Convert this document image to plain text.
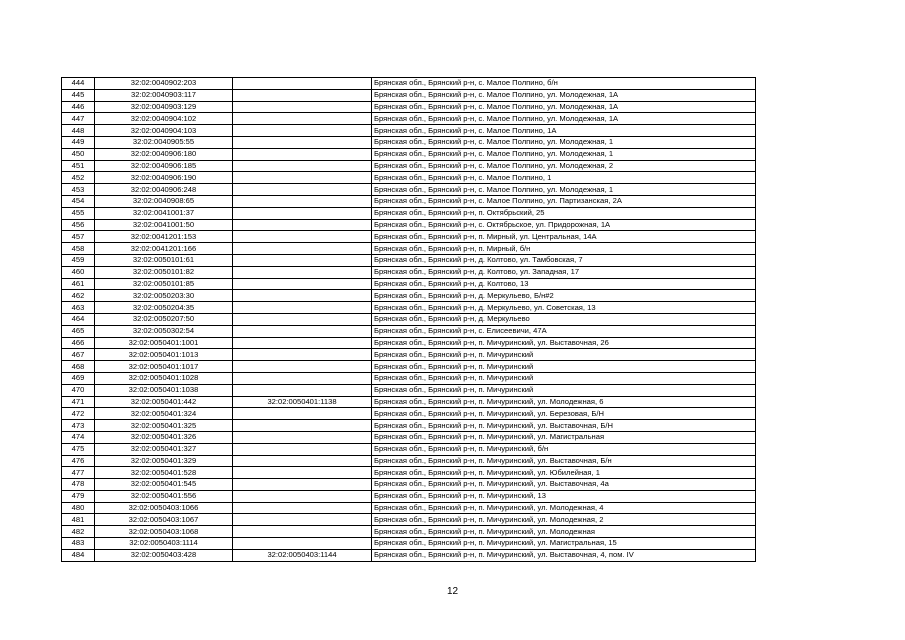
444	32:02:0040902:203		Брянская обл., Брянский р-н, с. Малое Полпино, б/н
445	32:02:0040903:117		Брянская обл., Брянский р-н, с. Малое Полпино, ул. Молодежная, 1А
446	32:02:0040903:129		Брянская обл., Брянский р-н, с. Малое Полпино, ул. Молодежная, 1А
447	32:02:0040904:102		Брянская обл., Брянский р-н, с. Малое Полпино, ул. Молодежная, 1А
448	32:02:0040904:103		Брянская обл., Брянский р-н, с. Малое Полпино, 1А
449	32:02:0040905:55		Брянская обл., Брянский р-н, с. Малое Полпино, ул. Молодежная, 1
450	32:02:0040906:180		Брянская обл., Брянский р-н, с. Малое Полпино, ул. Молодежная, 1
451	32:02:0040906:185		Брянская обл., Брянский р-н, с. Малое Полпино, ул. Молодежная, 2
452	32:02:0040906:190		Брянская обл., Брянский р-н, с. Малое Полпино, 1
453	32:02:0040906:248		Брянская обл., Брянский р-н, с. Малое Полпино, ул. Молодежная, 1
454	32:02:0040908:65		Брянская обл., Брянский р-н, с. Малое Полпино, ул. Партизанская, 2А
455	32:02:0041001:37		Брянская обл., Брянский р-н, п. Октябрьский, 25
456	32:02:0041001:50		Брянская обл., Брянский р-н, с. Октябрьское, ул. Придорожная, 1А
457	32:02:0041201:153		Брянская обл., Брянский р-н, п. Мирный, ул. Центральная, 14А
458	32:02:0041201:166		Брянская обл., Брянский р-н, п. Мирный, б/н
459	32:02:0050101:61		Брянская обл., Брянский р-н, д. Колтово, ул. Тамбовская, 7
460	32:02:0050101:82		Брянская обл., Брянский р-н, д. Колтово, ул. Западная, 17
461	32:02:0050101:85		Брянская обл., Брянский р-н, д. Колтово, 13
462	32:02:0050203:30		Брянская обл., Брянский р-н, д. Меркульево, Б/н#2
463	32:02:0050204:35		Брянская обл., Брянский р-н, д. Меркульево, ул. Советская, 13
464	32:02:0050207:50		Брянская обл., Брянский р-н, д. Меркульево
465	32:02:0050302:54		Брянская обл., Брянский р-н, с. Елисеевичи, 47А
466	32:02:0050401:1001		Брянская обл., Брянский р-н, п. Мичуринский, ул. Выставочная, 26
467	32:02:0050401:1013		Брянская обл., Брянский р-н, п. Мичуринский
468	32:02:0050401:1017		Брянская обл., Брянский р-н, п. Мичуринский
469	32:02:0050401:1028		Брянская обл., Брянский р-н, п. Мичуринский
470	32:02:0050401:1038		Брянская обл., Брянский р-н, п. Мичуринский
471	32:02:0050401:442	32:02:0050401:1138	Брянская обл., Брянский р-н, п. Мичуринский, ул. Молодежная, 6
472	32:02:0050401:324		Брянская обл., Брянский р-н, п. Мичуринский, ул. Березовая, Б/Н
473	32:02:0050401:325		Брянская обл., Брянский р-н, п. Мичуринский, ул. Выставочная, Б/Н
474	32:02:0050401:326		Брянская обл., Брянский р-н, п. Мичуринский, ул. Магистральная
475	32:02:0050401:327		Брянская обл., Брянский р-н, п. Мичуринский, б/н
476	32:02:0050401:329		Брянская обл., Брянский р-н, п. Мичуринский, ул. Выставочная, Б/н
477	32:02:0050401:528		Брянская обл., Брянский р-н, п. Мичуринский, ул. Юбилейная, 1
478	32:02:0050401:545		Брянская обл., Брянский р-н, п. Мичуринский, ул. Выставочная, 4а
479	32:02:0050401:556		Брянская обл., Брянский р-н, п. Мичуринский, 13
480	32:02:0050403:1066		Брянская обл., Брянский р-н, п. Мичуринский, ул. Молодежная, 4
481	32:02:0050403:1067		Брянская обл., Брянский р-н, п. Мичуринский, ул. Молодежная, 2
482	32:02:0050403:1068		Брянская обл., Брянский р-н, п. Мичуринский, ул. Молодежная
483	32:02:0050403:1114		Брянская обл., Брянский р-н, п. Мичуринский, ул. Магистральная, 15
484	32:02:0050403:428	32:02:0050403:1144	Брянская обл., Брянский р-н, п. Мичуринский, ул. Выставочная, 4, пом. IV
12
